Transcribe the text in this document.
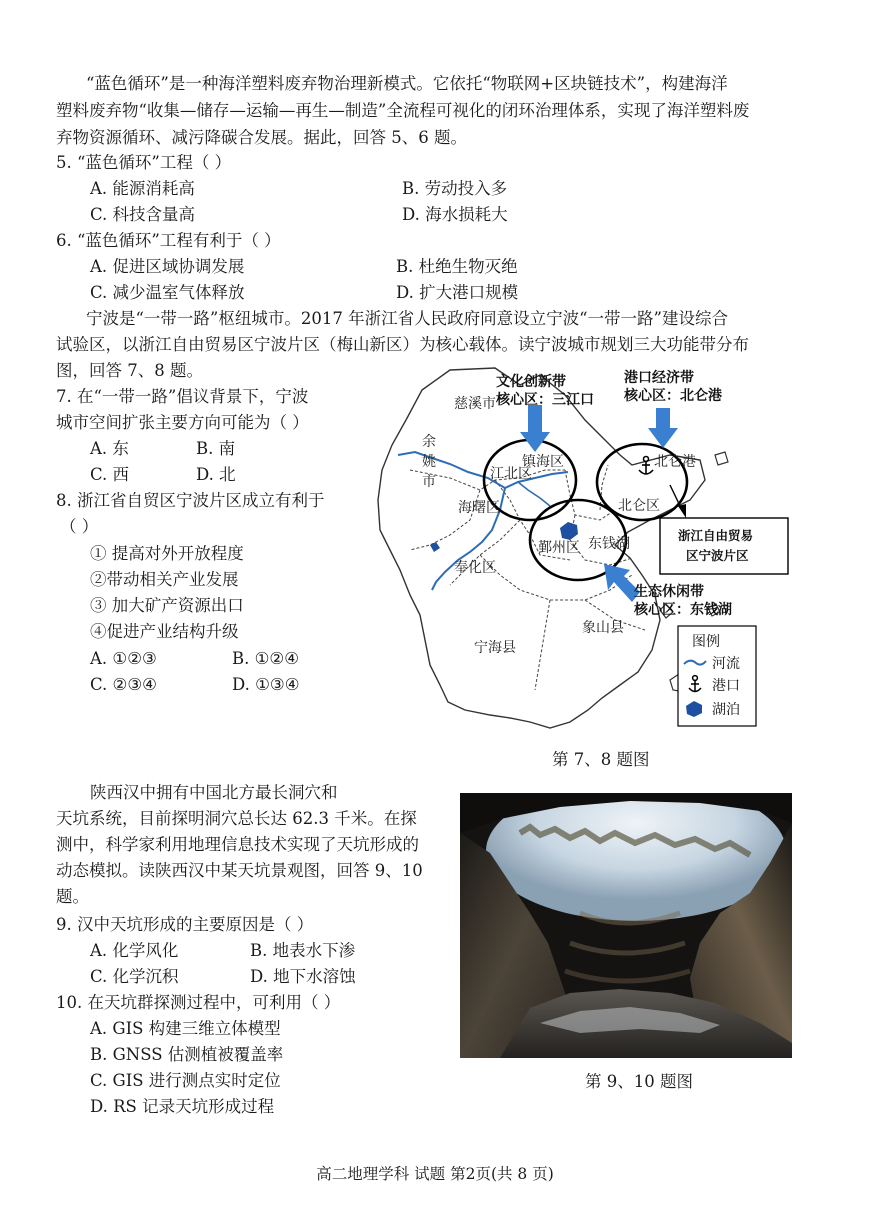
“蓝色循环”是一种海洋塑料废弃物治理新模式。它依托“物联网+区块链技术”，构建海洋
塑料废弃物“收集—储存—运输—再生—制造”全流程可视化的闭环治理体系，实现了海洋塑料废
弃物资源循环、减污降碳合发展。据此，回答 5、6 题。
5. “蓝色循环”工程（ ）
A. 能源消耗高	B. 劳动投入多
C. 科技含量高	D. 海水损耗大
6. “蓝色循环”工程有利于（ ）
A. 促进区域协调发展	B. 杜绝生物灭绝
C. 减少温室气体释放	D. 扩大港口规模
宁波是“一带一路”枢纽城市。2017 年浙江省人民政府同意设立宁波“一带一路”建设综合
试验区，以浙江自由贸易区宁波片区（梅山新区）为核心载体。读宁波城市规划三大功能带分布
图，回答 7、8 题。
7. 在“一带一路”倡议背景下，宁波
城市空间扩张主要方向可能为（ ）
A. 东	B. 南
C. 西	D. 北
8. 浙江省自贸区宁波片区成立有利于
（ ）
① 提高对外开放程度
②带动相关产业发展
③ 加大矿产资源出口
④促进产业结构升级
A. ①②③	B. ①②④
C. ②③④	D. ①③④
慈溪市
余
姚
市
镇海区
江北区
海曙区
北仑港
北仑区
鄞州区 东钱湖
奉化区
象山县
宁海县
文化创新带
核心区：三江口
港口经济带
核心区：北仑港
生态休闲带
核心区：东钱湖
浙江自由贸易
区宁波片区
图例
河流
港口
湖泊
第 7、8 题图
陕西汉中拥有中国北方最长洞穴和
天坑系统，目前探明洞穴总长达 62.3 千米。在探
测中，科学家利用地理信息技术实现了天坑形成的
动态模拟。读陕西汉中某天坑景观图，回答 9、10
题。
9. 汉中天坑形成的主要原因是（ ）
A. 化学风化	B. 地表水下渗
C. 化学沉积	D. 地下水溶蚀
10. 在天坑群探测过程中，可利用（ ）
A. GIS 构建三维立体模型
B. GNSS 估测植被覆盖率
C. GIS 进行测点实时定位
D. RS 记录天坑形成过程
第 9、10 题图
高二地理学科 试题 第2页(共 8 页)
